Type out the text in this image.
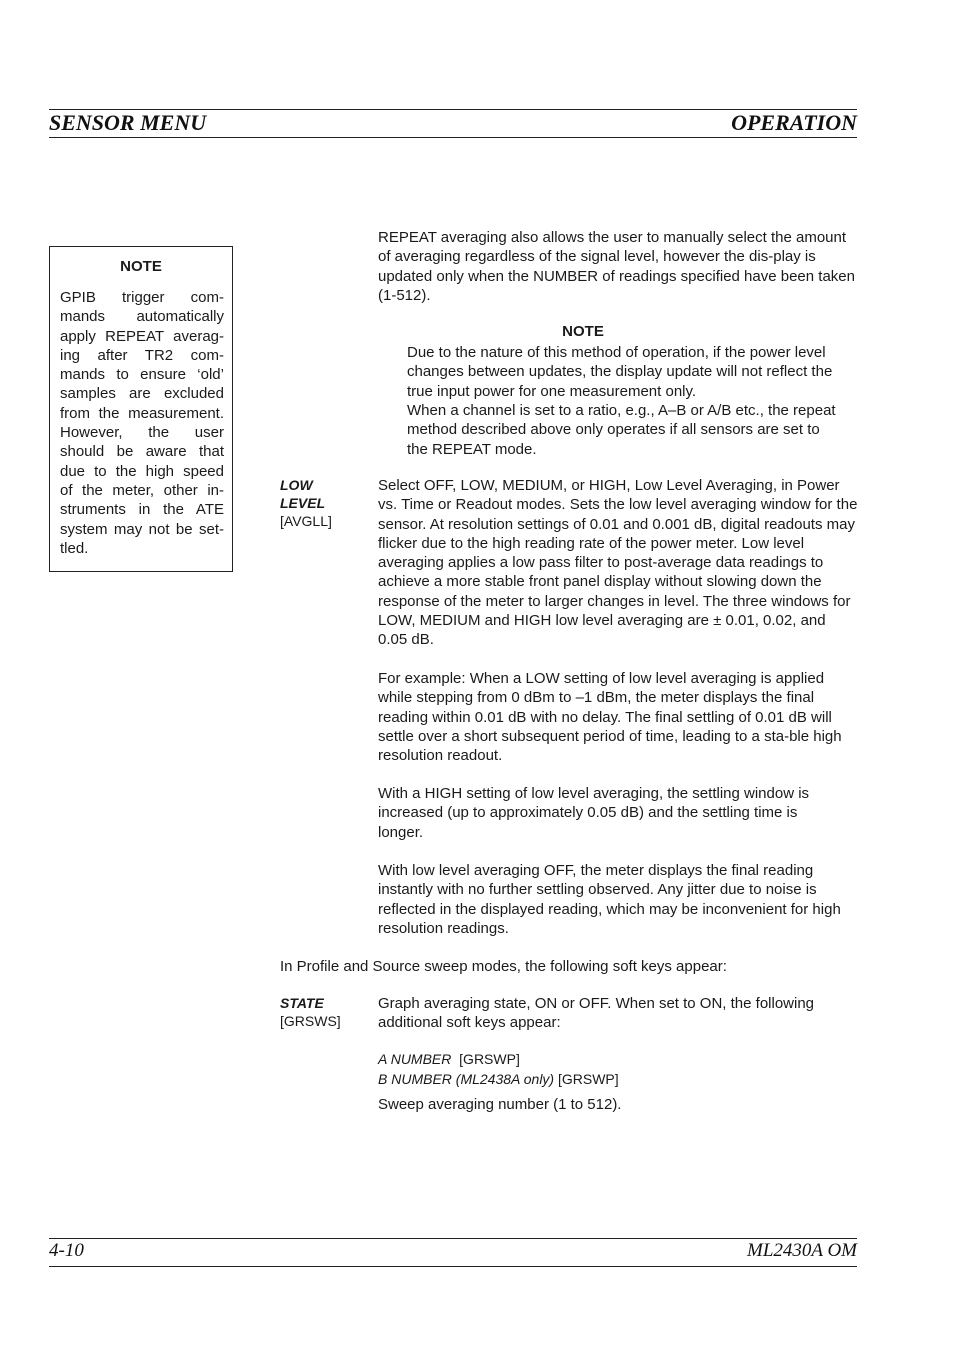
SENSOR MENU	OPERATION
NOTE
GPIB trigger com-
mands automatically
apply REPEAT averag-
ing after TR2 com-
mands to ensure ‘old’
samples are excluded
from the measurement.
However, the user
should be aware that
due to the high speed
of the meter, other in-
struments in the ATE
system may not be set-
tled.
REPEAT averaging also allows the user to manually select the amount of averaging regardless of the signal level, however the dis-play is updated only when the NUMBER of readings specified have been taken (1-512).
NOTE
Due to the nature of this method of operation, if the power level changes between updates, the display update will not reflect the true input power for one measurement only.
When a channel is set to a ratio, e.g., A–B or A/B etc., the repeat method described above only operates if all sensors are set to the REPEAT mode.
LOW
LEVEL
[AVGLL]
Select OFF, LOW, MEDIUM, or HIGH, Low Level Averaging, in Power vs. Time or Readout modes. Sets the low level averaging window for the sensor. At resolution settings of 0.01 and 0.001 dB, digital readouts may flicker due to the high reading rate of the power meter. Low level averaging applies a low pass filter to post-average data readings to achieve a more stable front panel display without slowing down the response of the meter to larger changes in level. The three windows for LOW, MEDIUM and HIGH low level averaging are ± 0.01, 0.02, and 0.05 dB.
For example: When a LOW setting of low level averaging is applied while stepping from 0 dBm to –1 dBm, the meter displays the final reading within 0.01 dB with no delay. The final settling of 0.01 dB will settle over a short subsequent period of time, leading to a sta-ble high resolution readout.
With a HIGH setting of low level averaging, the settling window is increased (up to approximately 0.05 dB) and the settling time is longer.
With low level averaging OFF, the meter displays the final reading instantly with no further settling observed. Any jitter due to noise is reflected in the displayed reading, which may be inconvenient for high resolution readings.
In Profile and Source sweep modes, the following soft keys appear:
STATE
[GRSWS]
Graph averaging state, ON or OFF. When set to ON, the following additional soft keys appear:
A NUMBER [GRSWP]
B NUMBER (ML2438A only) [GRSWP]
Sweep averaging number (1 to 512).
4-10	ML2430A OM
